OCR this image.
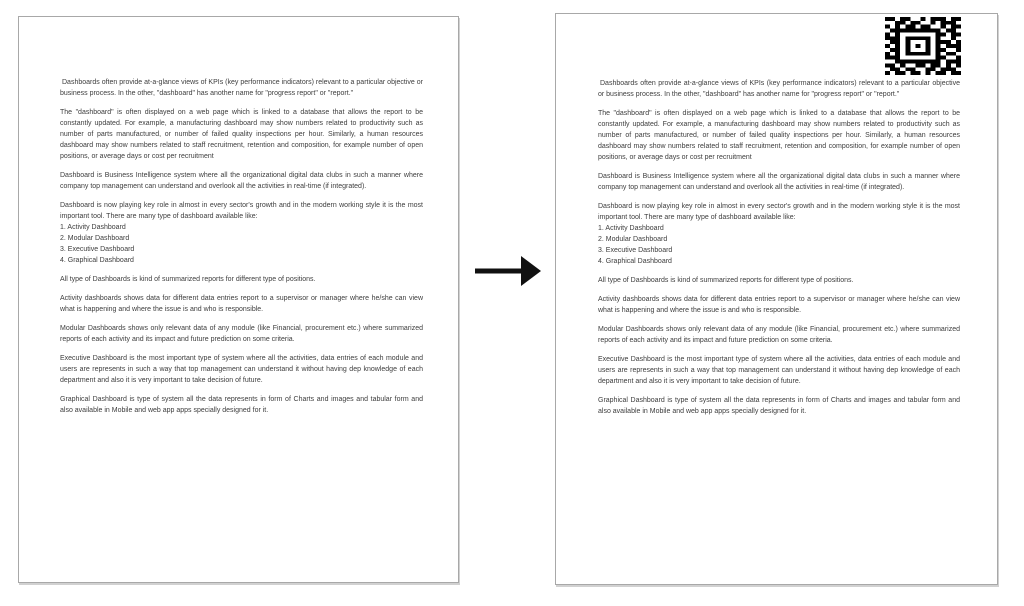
Dashboards often provide at-a-glance views of KPIs (key performance indicators) relevant to a particular objective or business process. In the other, "dashboard" has another name for "progress report" or "report."
The "dashboard" is often displayed on a web page which is linked to a database that allows the report to be constantly updated. For example, a manufacturing dashboard may show numbers related to productivity such as number of parts manufactured, or number of failed quality inspections per hour. Similarly, a human resources dashboard may show numbers related to staff recruitment, retention and composition, for example number of open positions, or average days or cost per recruitment
Dashboard is Business Intelligence system where all the organizational digital data clubs in such a manner where company top management can understand and overlook all the activities in real-time (if integrated).
Dashboard is now playing key role in almost in every sector's growth and in the modern working style it is the most important tool. There are many type of dashboard available like:
1. Activity Dashboard
2. Modular Dashboard
3. Executive Dashboard
4. Graphical Dashboard
All type of Dashboards is kind of summarized reports for different type of positions.
Activity dashboards shows data for different data entries report to a supervisor or manager where he/she can view what is happening and where the issue is and who is responsible.
Modular Dashboards shows only relevant data of any module (like Financial, procurement etc.) where summarized reports of each activity and its impact and future prediction on some criteria.
Executive Dashboard is the most important type of system where all the activities, data entries of each module and users are represents in such a way that top management can understand it without having dep knowledge of each department and also it is very important to take decision of future.
Graphical Dashboard is type of system all the data represents in form of Charts and images and tabular form and also available in Mobile and web app apps specially designed for it.
Dashboards often provide at-a-glance views of KPIs (key performance indicators) relevant to a particular objective or business process. In the other, "dashboard" has another name for "progress report" or "report."
The "dashboard" is often displayed on a web page which is linked to a database that allows the report to be constantly updated. For example, a manufacturing dashboard may show numbers related to productivity such as number of parts manufactured, or number of failed quality inspections per hour. Similarly, a human resources dashboard may show numbers related to staff recruitment, retention and composition, for example number of open positions, or average days or cost per recruitment
Dashboard is Business Intelligence system where all the organizational digital data clubs in such a manner where company top management can understand and overlook all the activities in real-time (if integrated).
Dashboard is now playing key role in almost in every sector's growth and in the modern working style it is the most important tool. There are many type of dashboard available like:
1. Activity Dashboard
2. Modular Dashboard
3. Executive Dashboard
4. Graphical Dashboard
All type of Dashboards is kind of summarized reports for different type of positions.
Activity dashboards shows data for different data entries report to a supervisor or manager where he/she can view what is happening and where the issue is and who is responsible.
Modular Dashboards shows only relevant data of any module (like Financial, procurement etc.) where summarized reports of each activity and its impact and future prediction on some criteria.
Executive Dashboard is the most important type of system where all the activities, data entries of each module and users are represents in such a way that top management can understand it without having dep knowledge of each department and also it is very important to take decision of future.
Graphical Dashboard is type of system all the data represents in form of Charts and images and tabular form and also available in Mobile and web app apps specially designed for it.
